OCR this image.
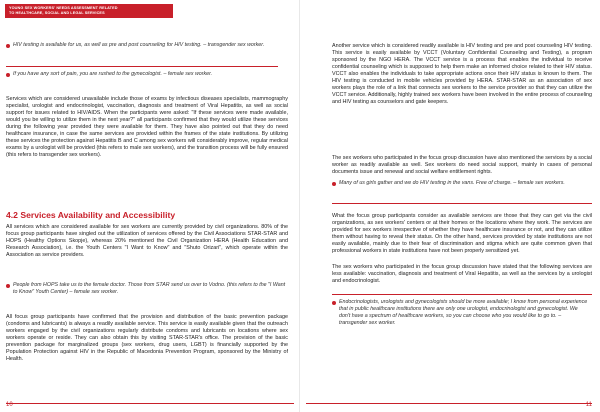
YOUNG SEX WORKERS' NEEDS ASSESSMENT RELATED
TO HEALTHCARE, SOCIAL AND LEGAL SERVICES
HIV testing is available for us, as well as pre and post counseling for HIV testing. – transgender sex worker.
If you have any sort of pain, you are rushed to the gynecologist. – female sex worker.

Services which are considered unavailable include those of exams by infectious diseases specialists, mammography specialist, urologist and endocrinologist, vaccination, diagnosis and treatment of Viral Hepatitis, as well as social support for issues related to HIV/AIDS. When the participants were asked: "If these services were made available, would you be willing to utilize them in the next year?" all participants confirmed that they would utilize these services during the following year provided they were available for them. They have also pointed out that they do need healthcare insurance, in case the same services are provided within the frames of the state institutions. By utilizing these services the protection against Hepatitis B and C among sex workers will considerably improve, regular medical exams by a urologist will be provided (this refers to male sex workers), and the transition process will be fully ensured (this refers to transgender sex workers).

4.2 Services Availability and Accessibility

All services which are considered available for sex workers are currently provided by civil organizations. 80% of the focus group participants have singled out the utilization of services offered by the Civil Associations STAR-STAR and HOPS (Healthy Options Skopje), whereas 20% mentioned the Civil Organization HERA (Health Education and Research Association), i.e. the Youth Centers "I Want to Know" and "Shuto Orizari", which operate within the Association as service providers.

People from HOPS take us to the female doctor. Those from STAR send us over to Vodno. (this refers to the "I Want to Know" Youth Center) – female sex worker.

All focus group participants have confirmed that the provision and distribution of the basic prevention package (condoms and lubricants) is always a readily available service. This service is easily available given that the outreach workers engaged by the civil organizations regularly distribute condoms and lubricants on locations where sex workers operate or reside. They can also obtain this by visiting STAR-STAR's office. The provision of the basic prevention package for marginalized groups (sex workers, drug users, LGBT) is financially supported by the Population Protection against HIV in the Republic of Macedonia Prevention Program, sponsored by the Ministry of Health.

10

Another service which is considered readily available is HIV testing and pre and post counseling HIV testing. This service is easily available by VCCT (Voluntary Confidential Counseling and Testing), a program sponsored by the NGO HERA. The VCCT service is a process that enables the individual to receive confidential counseling which is supposed to help them make an informed choice related to their HIV status. VCCT also enables the individuals to take appropriate actions once their HIV status is known to them. The HIV testing is conducted in mobile vehicles provided by HERA. STAR-STAR as an association of sex workers plays the role of a link that connects sex workers to the service provider so that they can utilize the VCCT service. Additionally, highly trained sex workers have been involved in the entire process of counseling and HIV testing as counselors and gate keepers.

The sex workers who participated in the focus group discussion have also mentioned the services by a social worker as readily available as well. Sex workers do need social support, mainly in cases of personal documents issue and renewal and social welfare entitlement rights.

Many of us girls gather and we do HIV testing in the vans. Free of charge. – female sex workers.

What the focus group participants consider as available services are those that they can get via the civil organizations, as sex workers' centers or at their homes or the locations where they work. The services are provided for sex workers irrespective of whether they have healthcare insurance or not, and they can utilize them without having to reveal their status. On the other hand, services provided by state institutions are not easily available, mainly due to their fear of discrimination and stigma which are quite common given that professional workers in state institutions have not been properly sensitized yet.

The sex workers who participated in the focus group discussion have stated that the following services are less available: vaccination, diagnosis and treatment of Viral Hepatitis, as well as the services by a urologist and endocrinologist.

Endocrinologists, urologists and gynecologists should be more available; I know from personal experience that in public healthcare institutions there are only one urologist, endocrinologist and gynecologist. We don't have a spectrum of healthcare workers, so you can choose who you would like to go to. – transgender sex worker.
11
